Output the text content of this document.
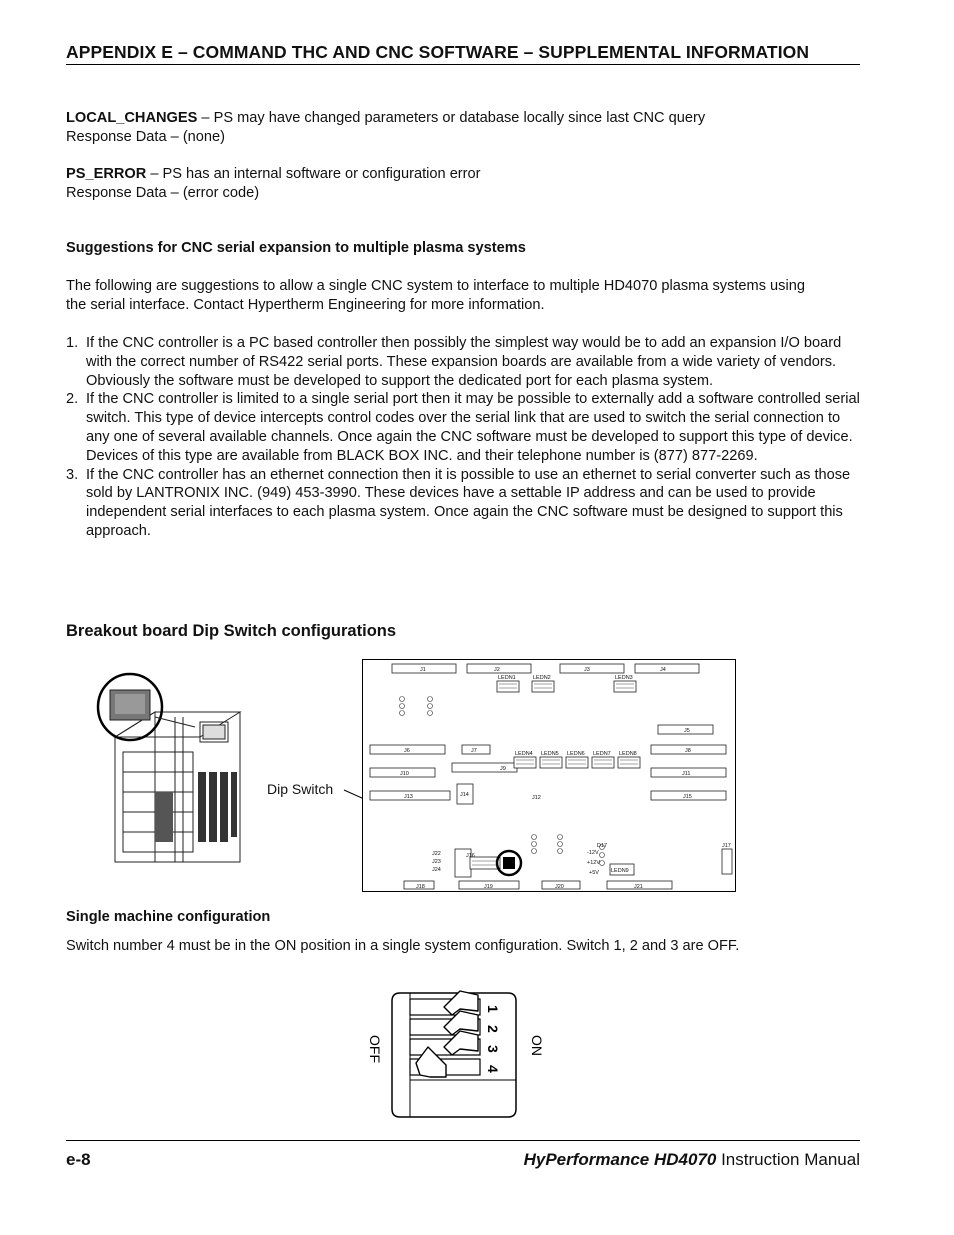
APPENDIX E – COMMAND THC AND CNC SOFTWARE – SUPPLEMENTAL INFORMATION
LOCAL_CHANGES – PS may have changed parameters or database locally since last CNC query
Response Data – (none)
PS_ERROR – PS has an internal software or configuration error
Response Data – (error code)
Suggestions for CNC serial expansion to multiple plasma systems
The following are suggestions to allow a single CNC system to interface to multiple HD4070 plasma systems using
the serial interface. Contact Hypertherm Engineering for more information.
1. If the CNC controller is a PC based controller then possibly the simplest way would be to add an expansion I/O board with the correct number of RS422 serial ports. These expansion boards are available from a wide variety of vendors. Obviously the software must be developed to support the dedicated port for each plasma system.
2. If the CNC controller is limited to a single serial port then it may be possible to externally add a software controlled serial switch. This type of device intercepts control codes over the serial link that are used to switch the serial connection to any one of several available channels. Once again the CNC software must be developed to support this type of device. Devices of this type are available from BLACK BOX INC. and their telephone number is (877) 877-2269.
3. If the CNC controller has an ethernet connection then it is possible to use an ethernet to serial converter such as those sold by LANTRONIX INC. (949) 453-3990. These devices have a settable IP address and can be used to provide independent serial interfaces to each plasma system. Once again the CNC software must be designed to support this approach.
Breakout board Dip Switch configurations
Dip Switch
J1	J2	J3	J4
LEDN1	LEDN2	LEDN3
J5
J6	J7	J8
LEDN4 LEDN5 LEDN6 LEDN7 LEDN8
J9
J10	J11
J12
J13	J14	J15
J16
J17
J18	J19	J20	J21
J22
J23
J24
D17
-12V
+12V
+5V LEDN9
Single machine configuration
Switch number 4 must be in the ON position in a single system configuration. Switch 1, 2 and 3 are OFF.
1
2
3
4
OFF	ON
e-8	HyPerformance HD4070 Instruction Manual
